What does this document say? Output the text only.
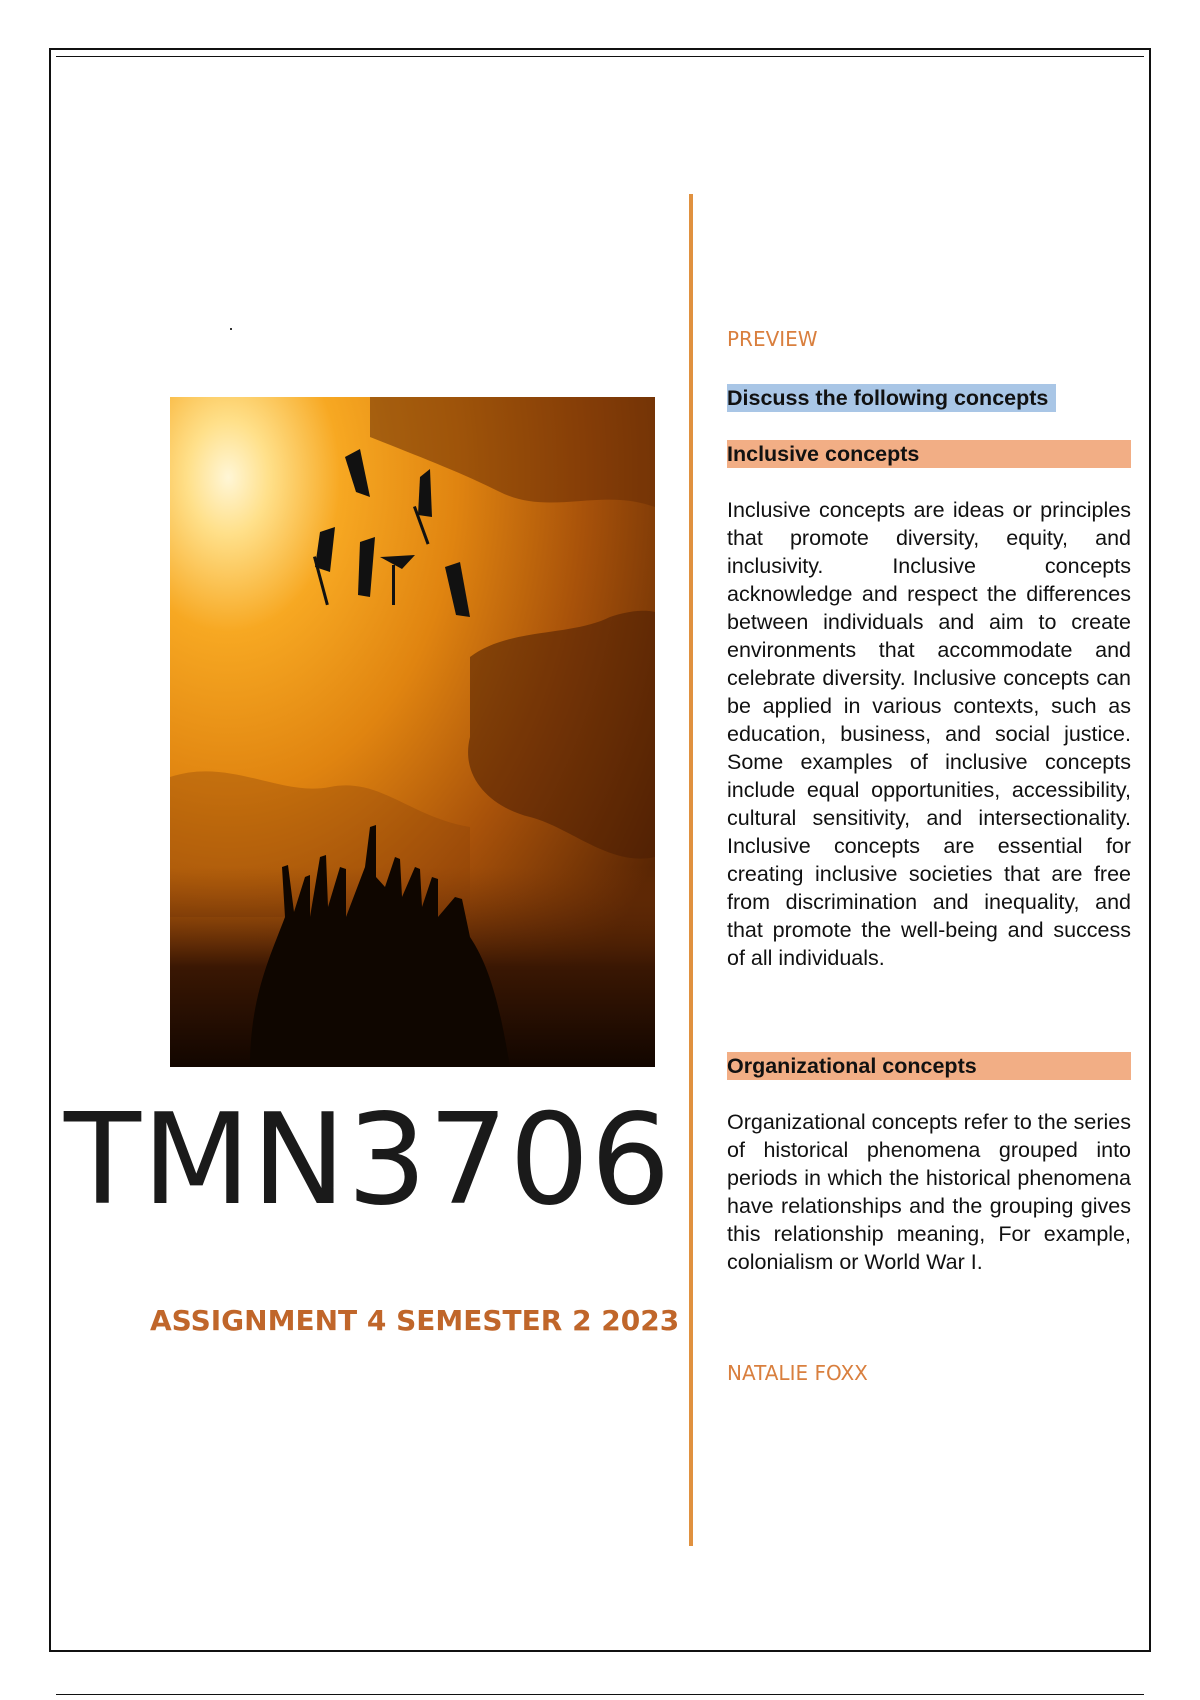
TMN3706
ASSIGNMENT 4 SEMESTER 2 2023
PREVIEW
Discuss the following concepts
Inclusive concepts
Inclusive concepts are ideas or principles that promote diversity, equity, and inclusivity. Inclusive concepts acknowledge and respect the differences between individuals and aim to create environments that accommodate and celebrate diversity. Inclusive concepts can be applied in various contexts, such as education, business, and social justice. Some examples of inclusive concepts include equal opportunities, accessibility, cultural sensitivity, and intersectionality. Inclusive concepts are essential for creating inclusive societies that are free from discrimination and inequality, and that promote the well-being and success of all individuals.
Organizational concepts
Organizational concepts refer to the series of historical phenomena grouped into periods in which the historical phenomena have relationships and the grouping gives this relationship meaning, For example, colonialism or World War I.
NATALIE FOXX
